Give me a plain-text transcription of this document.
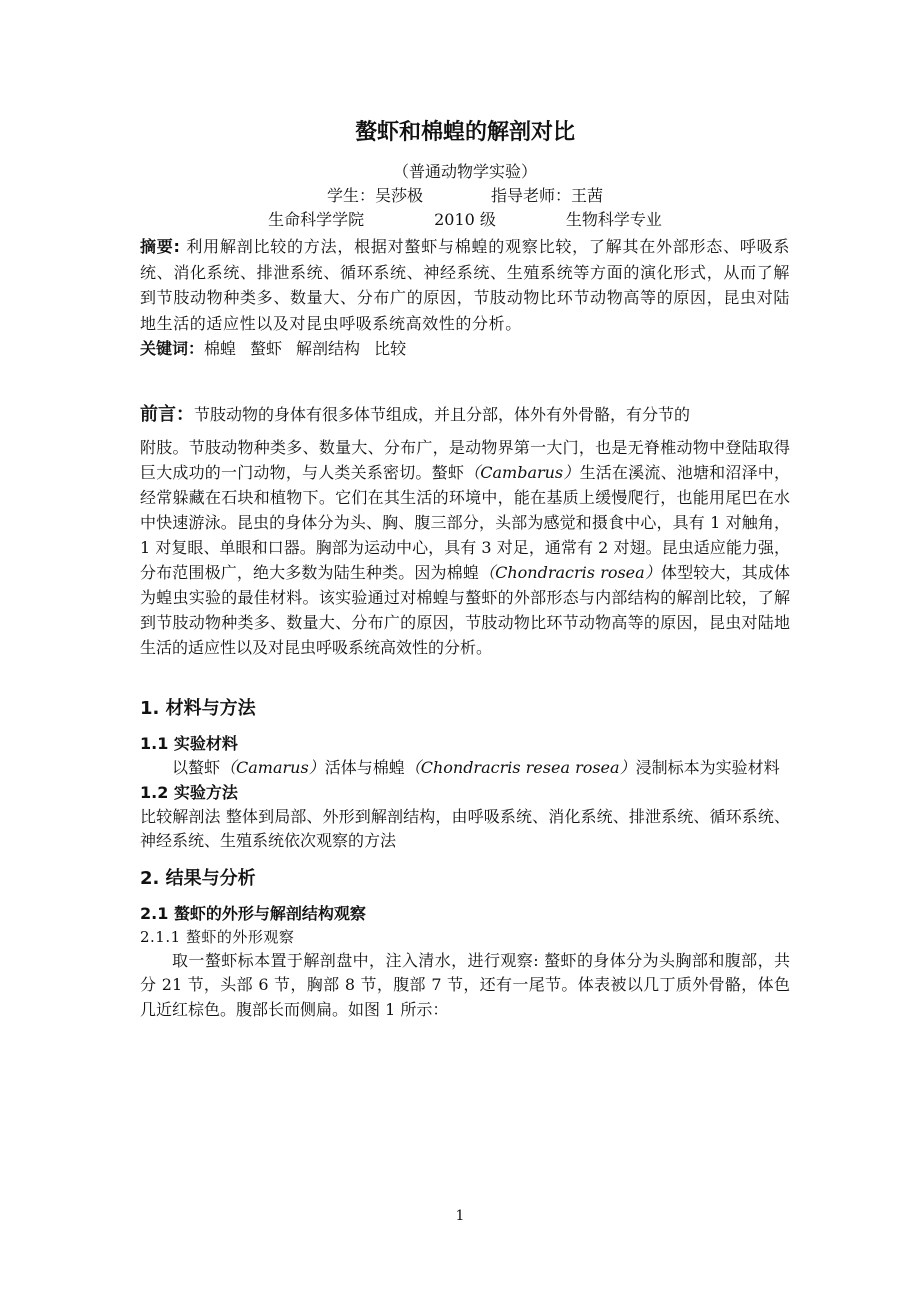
螯虾和棉蝗的解剖对比
（普通动物学实验）
学生：吴莎极	指导老师：王茜
生命科学学院	2010 级	生物科学专业
摘要: 利用解剖比较的方法，根据对螯虾与棉蝗的观察比较，了解其在外部形态、呼吸系统、消化系统、排泄系统、循环系统、神经系统、生殖系统等方面的演化形式，从而了解到节肢动物种类多、数量大、分布广的原因，节肢动物比环节动物高等的原因，昆虫对陆地生活的适应性以及对昆虫呼吸系统高效性的分析。
关键词：棉蝗 螯虾 解剖结构 比较
前言：节肢动物的身体有很多体节组成，并且分部，体外有外骨骼，有分节的
附肢。节肢动物种类多、数量大、分布广，是动物界第一大门，也是无脊椎动物中登陆取得巨大成功的一门动物，与人类关系密切。螯虾（Cambarus）生活在溪流、池塘和沼泽中，经常躲藏在石块和植物下。它们在其生活的环境中，能在基质上缓慢爬行，也能用尾巴在水中快速游泳。昆虫的身体分为头、胸、腹三部分，头部为感觉和摄食中心，具有 1 对触角，1 对复眼、单眼和口器。胸部为运动中心，具有 3 对足，通常有 2 对翅。昆虫适应能力强，分布范围极广，绝大多数为陆生种类。因为棉蝗（Chondracris rosea）体型较大，其成体为蝗虫实验的最佳材料。该实验通过对棉蝗与螯虾的外部形态与内部结构的解剖比较，了解到节肢动物种类多、数量大、分布广的原因，节肢动物比环节动物高等的原因，昆虫对陆地生活的适应性以及对昆虫呼吸系统高效性的分析。
1. 材料与方法
1.1 实验材料

以螯虾（Camarus）活体与棉蝗（Chondracris resea rosea）浸制标本为实验材料

1.2 实验方法

比较解剖法 整体到局部、外形到解剖结构，由呼吸系统、消化系统、排泄系统、循环系统、神经系统、生殖系统依次观察的方法

2. 结果与分析
2.1 螯虾的外形与解剖结构观察
2.1.1 螯虾的外形观察

取一螯虾标本置于解剖盘中，注入清水，进行观察: 螯虾的身体分为头胸部和腹部，共分 21 节，头部 6 节，胸部 8 节，腹部 7 节，还有一尾节。体表被以几丁质外骨骼，体色几近红棕色。腹部长而侧扁。如图 1 所示：

1
